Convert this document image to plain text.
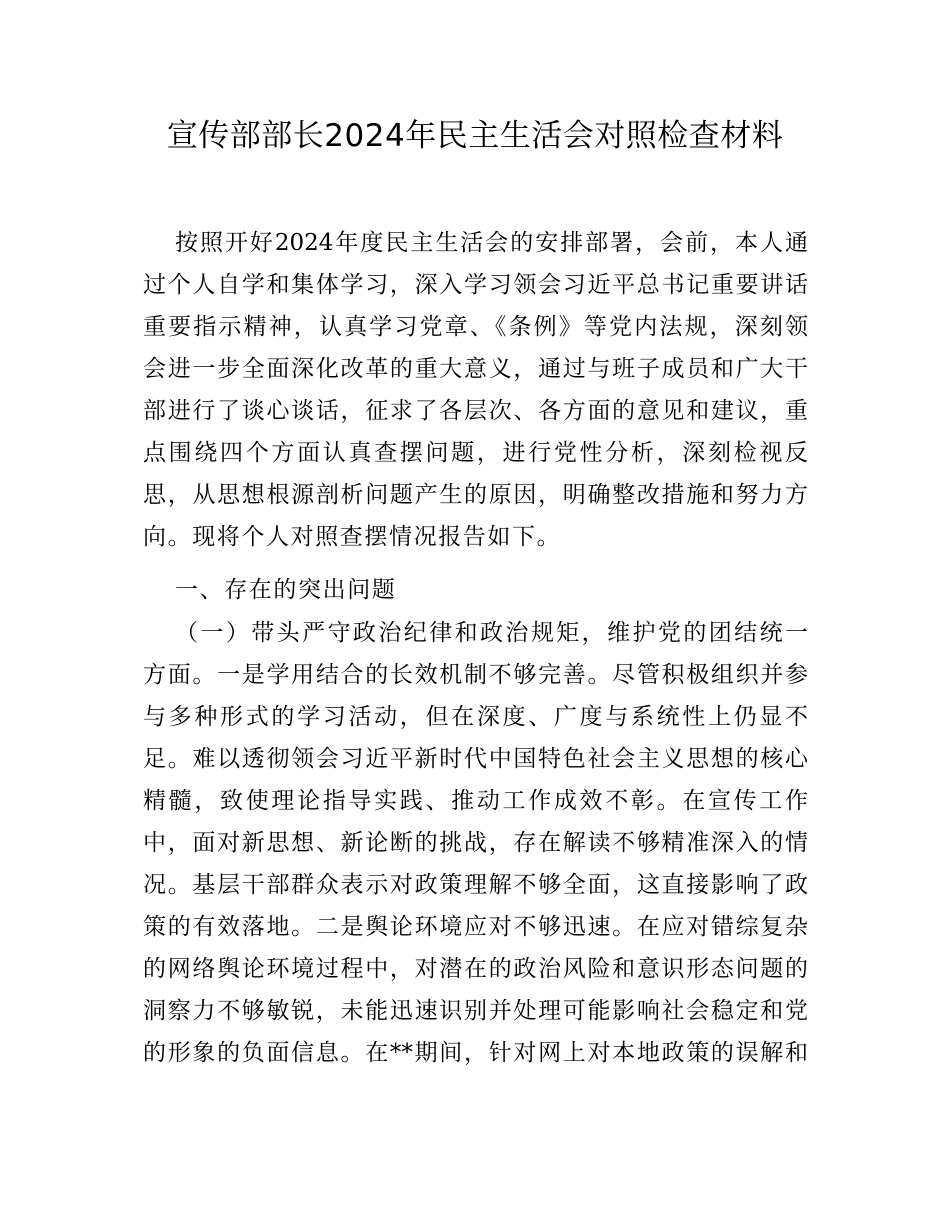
宣传部部长2024年民主生活会对照检查材料
按照开好2024年度民主生活会的安排部署，会前，本人通
过个人自学和集体学习，深入学习领会习近平总书记重要讲话
重要指示精神，认真学习党章、《条例》等党内法规，深刻领
会进一步全面深化改革的重大意义，通过与班子成员和广大干
部进行了谈心谈话，征求了各层次、各方面的意见和建议，重
点围绕四个方面认真查摆问题，进行党性分析，深刻检视反
思，从思想根源剖析问题产生的原因，明确整改措施和努力方
向。现将个人对照查摆情况报告如下。
一、存在的突出问题
（一）带头严守政治纪律和政治规矩，维护党的团结统一
方面。一是学用结合的长效机制不够完善。尽管积极组织并参
与多种形式的学习活动，但在深度、广度与系统性上仍显不
足。难以透彻领会习近平新时代中国特色社会主义思想的核心
精髓，致使理论指导实践、推动工作成效不彰。在宣传工作
中，面对新思想、新论断的挑战，存在解读不够精准深入的情
况。基层干部群众表示对政策理解不够全面，这直接影响了政
策的有效落地。二是舆论环境应对不够迅速。在应对错综复杂
的网络舆论环境过程中，对潜在的政治风险和意识形态问题的
洞察力不够敏锐，未能迅速识别并处理可能影响社会稳定和党
的形象的负面信息。在**期间，针对网上对本地政策的误解和
